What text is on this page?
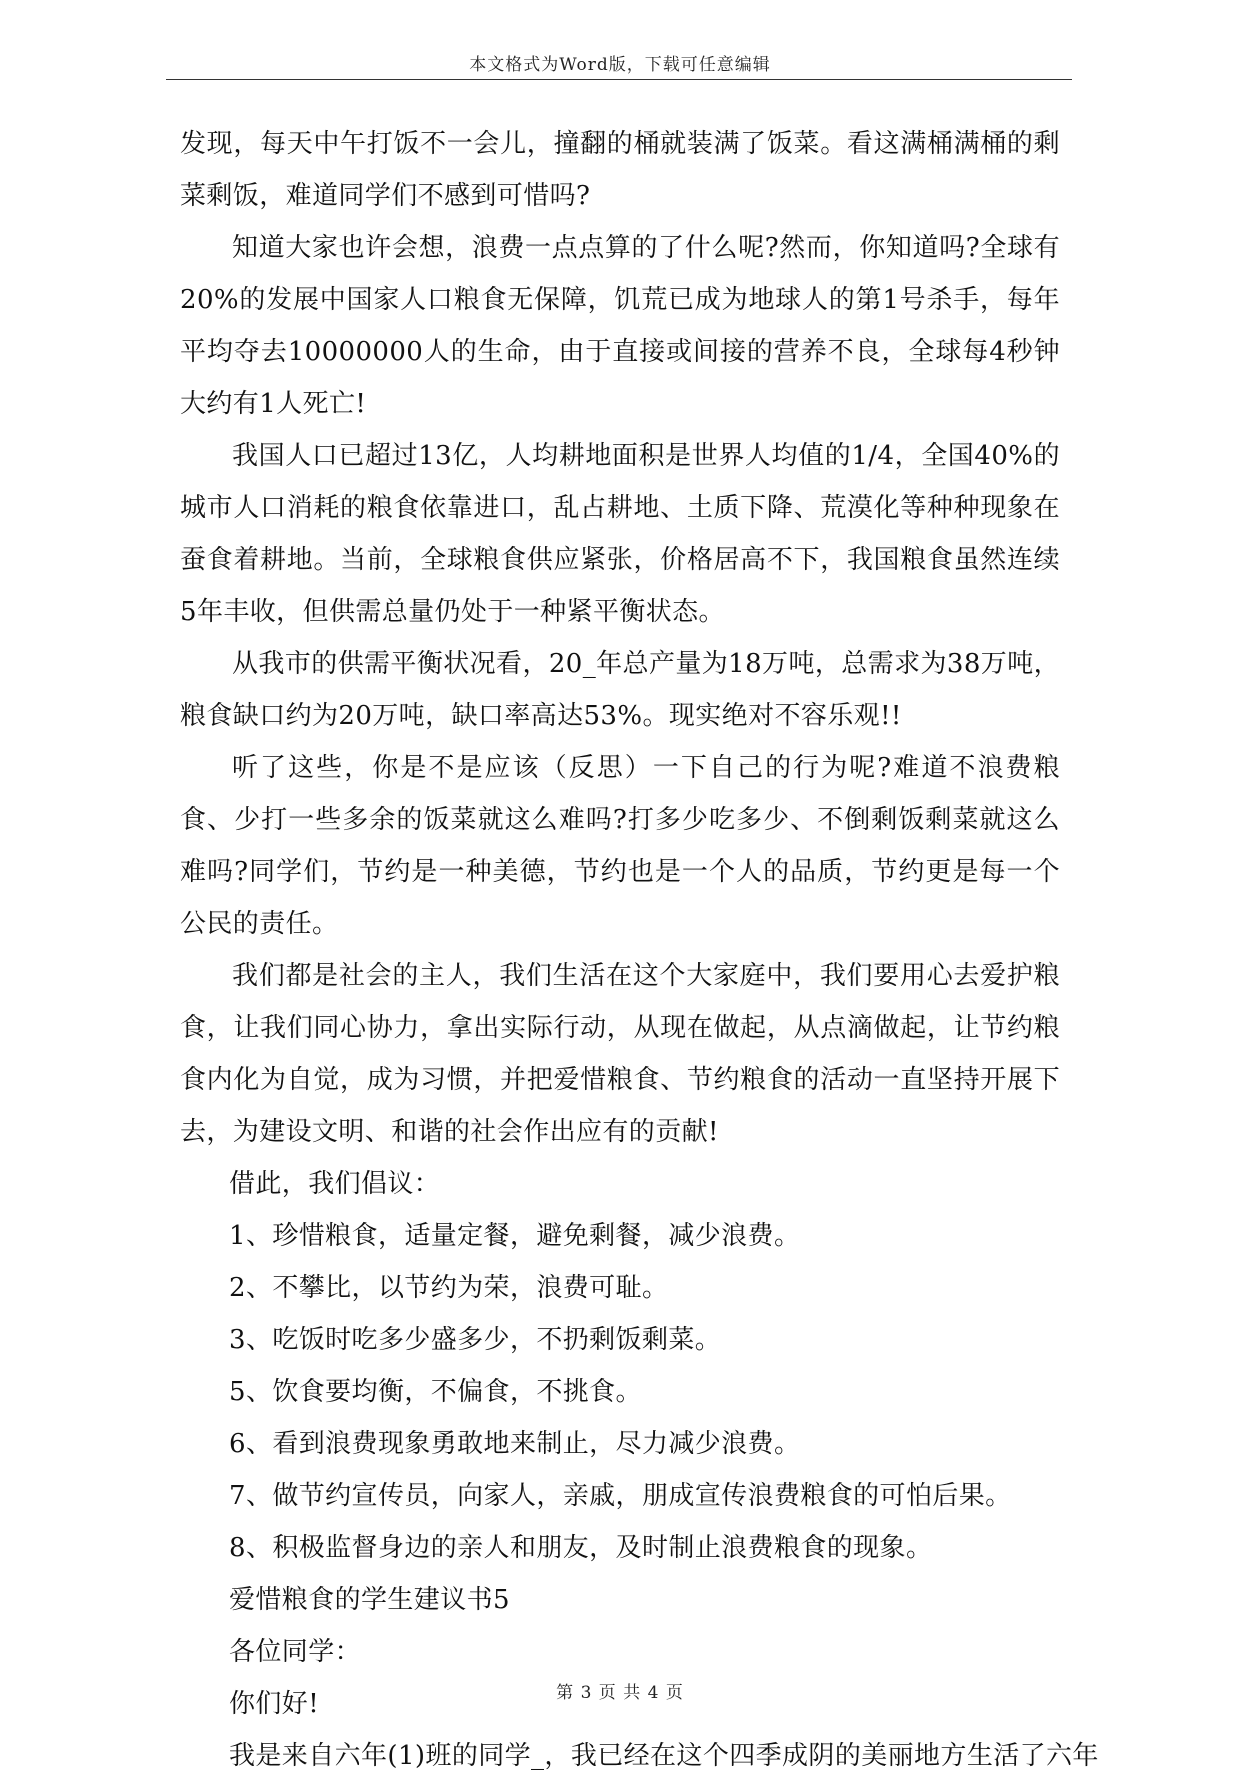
本文格式为Word版，下载可任意编辑

发现，每天中午打饭不一会儿，撞翻的桶就装满了饭菜。看这满桶满桶的剩菜剩饭，难道同学们不感到可惜吗?

知道大家也许会想，浪费一点点算的了什么呢?然而，你知道吗?全球有20%的发展中国家人口粮食无保障，饥荒已成为地球人的第1号杀手，每年平均夺去10000000人的生命，由于直接或间接的营养不良，全球每4秒钟大约有1人死亡!

我国人口已超过13亿，人均耕地面积是世界人均值的1/4，全国40%的城市人口消耗的粮食依靠进口，乱占耕地、土质下降、荒漠化等种种现象在蚕食着耕地。当前，全球粮食供应紧张，价格居高不下，我国粮食虽然连续5年丰收，但供需总量仍处于一种紧平衡状态。

从我市的供需平衡状况看，20_年总产量为18万吨，总需求为38万吨，粮食缺口约为20万吨，缺口率高达53%。现实绝对不容乐观!!

听了这些，你是不是应该（反思）一下自己的行为呢?难道不浪费粮食、少打一些多余的饭菜就这么难吗?打多少吃多少、不倒剩饭剩菜就这么难吗?同学们，节约是一种美德，节约也是一个人的品质，节约更是每一个公民的责任。

我们都是社会的主人，我们生活在这个大家庭中，我们要用心去爱护粮食，让我们同心协力，拿出实际行动，从现在做起，从点滴做起，让节约粮食内化为自觉，成为习惯，并把爱惜粮食、节约粮食的活动一直坚持开展下去，为建设文明、和谐的社会作出应有的贡献!

借此，我们倡议：

1、珍惜粮食，适量定餐，避免剩餐，减少浪费。

2、不攀比，以节约为荣，浪费可耻。

3、吃饭时吃多少盛多少，不扔剩饭剩菜。

5、饮食要均衡，不偏食，不挑食。

6、看到浪费现象勇敢地来制止，尽力减少浪费。

7、做节约宣传员，向家人，亲戚，朋成宣传浪费粮食的可怕后果。

8、积极监督身边的亲人和朋友，及时制止浪费粮食的现象。

爱惜粮食的学生建议书5

各位同学：

你们好!

我是来自六年(1)班的同学_，我已经在这个四季成阴的美丽地方生活了六年

第 3 页 共 4 页
